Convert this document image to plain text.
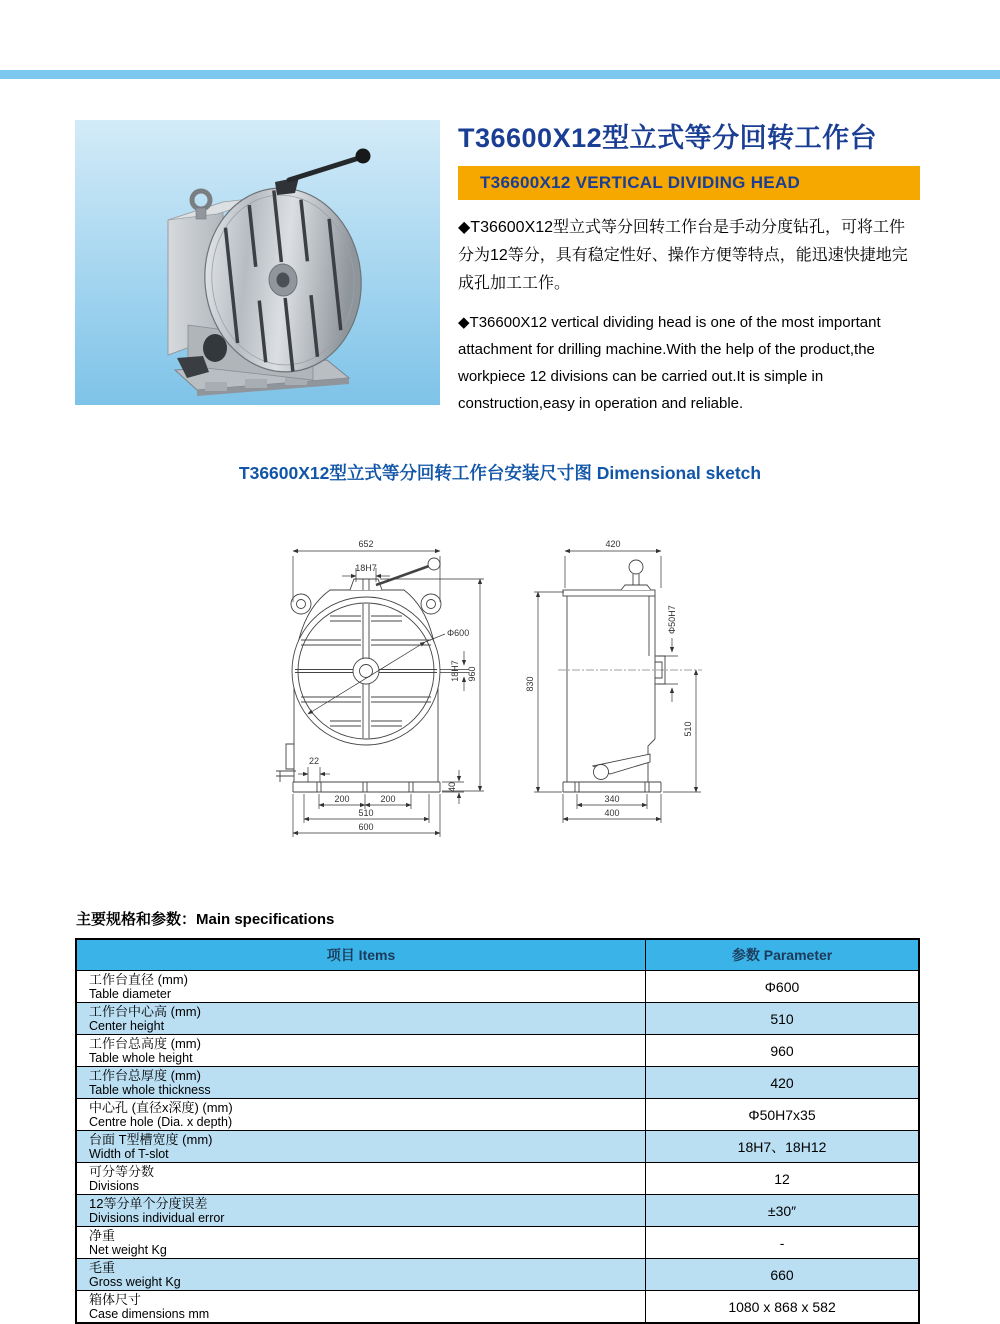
T36600X12型立式等分回转工作台
T36600X12 VERTICAL DIVIDING HEAD
◆T36600X12型立式等分回转工作台是手动分度钻孔，可将工件分为12等分，具有稳定性好、操作方便等特点，能迅速快捷地完成孔加工工作。
◆T36600X12 vertical dividing head is one of the most important attachment for drilling machine.With the help of the product,the workpiece 12 divisions can be carried out.It is simple in construction,easy in operation and reliable.
T36600X12型立式等分回转工作台安装尺寸图 Dimensional sketch
652
18H7
Φ600
18H7 960
22
200	200
510
600
40
420
Φ50H7
830
510
340
400
主要规格和参数：Main specifications
项目 Items	参数 Parameter

工作台直径 (mm)
Table diameter	Φ600

工作台中心高 (mm)
Center height	510

工作台总高度 (mm)
Table whole height	960

工作台总厚度 (mm)
Table whole thickness	420

中心孔 (直径x深度) (mm)
Centre hole (Dia. x depth)	Φ50H7x35

台面 T型槽宽度 (mm)
Width of T-slot	18H7、18H12

可分等分数
Divisions	12

12等分单个分度误差
Divisions individual error	±30″

净重
Net weight Kg	-

毛重
Gross weight Kg	660

箱体尺寸
Case dimensions mm	1080 x 868 x 582
